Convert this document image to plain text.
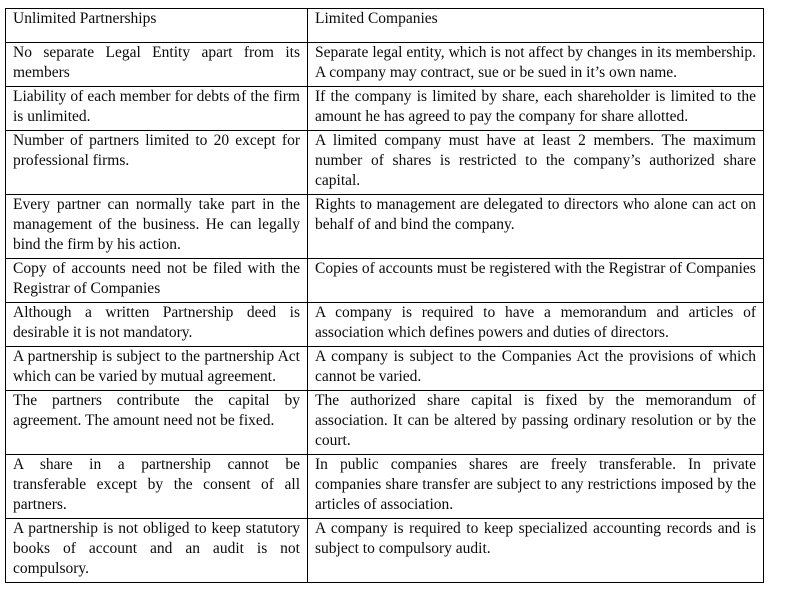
Unlimited Partnerships	Limited Companies
No separate Legal Entity apart from its members	Separate legal entity, which is not affect by changes in its membership. A company may contract, sue or be sued in it’s own name.
Liability of each member for debts of the firm is unlimited.	If the company is limited by share, each shareholder is limited to the amount he has agreed to pay the company for share allotted.
Number of partners limited to 20 except for professional firms.	A limited company must have at least 2 members. The maximum number of shares is restricted to the company’s authorized share capital.
Every partner can normally take part in the management of the business. He can legally bind the firm by his action.	Rights to management are delegated to directors who alone can act on behalf of and bind the company.
Copy of accounts need not be filed with the Registrar of Companies	Copies of accounts must be registered with the Registrar of Companies
Although a written Partnership deed is desirable it is not mandatory.	A company is required to have a memorandum and articles of association which defines powers and duties of directors.
A partnership is subject to the partnership Act which can be varied by mutual agreement.	A company is subject to the Companies Act the provisions of which cannot be varied.
The partners contribute the capital by agreement. The amount need not be fixed.	The authorized share capital is fixed by the memorandum of association. It can be altered by passing ordinary resolution or by the court.
A share in a partnership cannot be transferable except by the consent of all partners.	In public companies shares are freely transferable. In private companies share transfer are subject to any restrictions imposed by the articles of association.
A partnership is not obliged to keep statutory books of account and an audit is not compulsory.	A company is required to keep specialized accounting records and is subject to compulsory audit.
